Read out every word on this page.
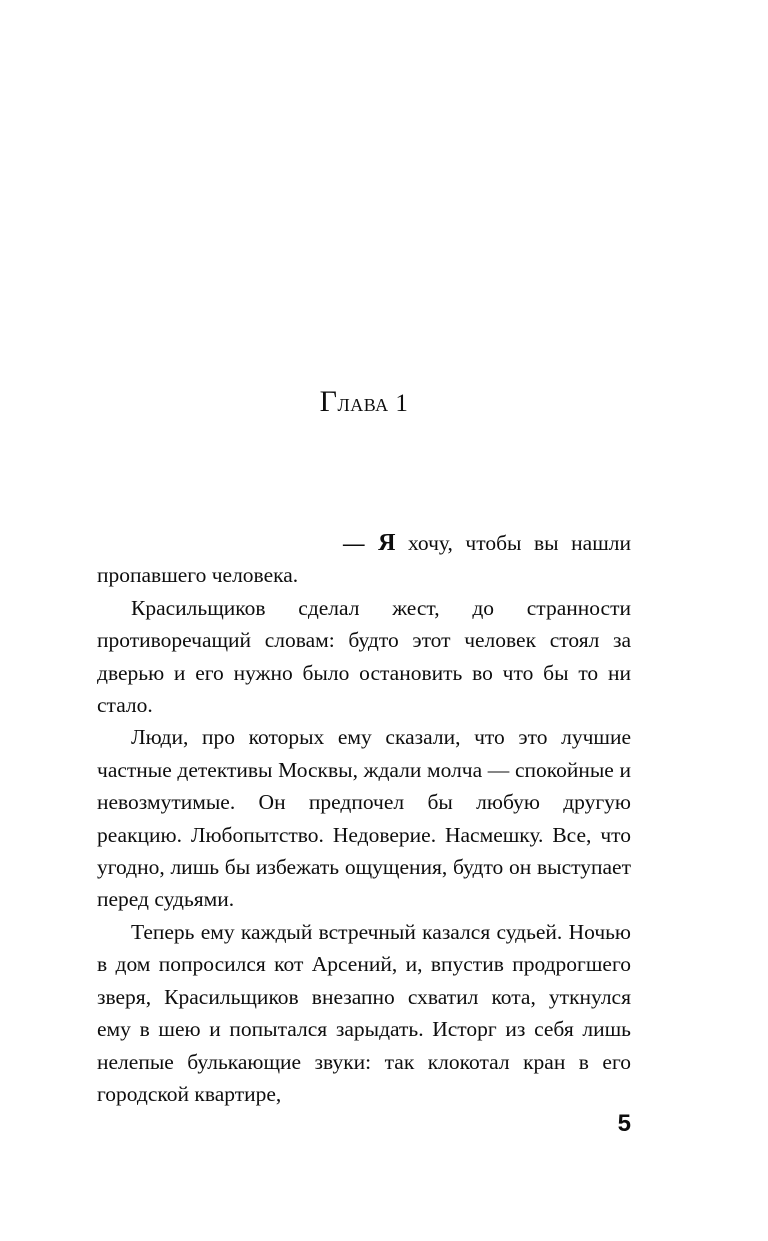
Глава 1

— Я хочу, чтобы вы нашли пропавшего человека.

Красильщиков сделал жест, до странности противоречащий словам: будто этот человек стоял за дверью и его нужно было остановить во что бы то ни стало.

Люди, про которых ему сказали, что это лучшие частные детективы Москвы, ждали молча — спокойные и невозмутимые. Он предпочел бы любую другую реакцию. Любопытство. Недоверие. Насмешку. Все, что угодно, лишь бы избежать ощущения, будто он выступает перед судьями.

Теперь ему каждый встречный казался судьей. Ночью в дом попросился кот Арсений, и, впустив продрогшего зверя, Красильщиков внезапно схватил кота, уткнулся ему в шею и попытался зарыдать. Исторг из себя лишь нелепые булькающие звуки: так клокотал кран в его городской квартире,

5
